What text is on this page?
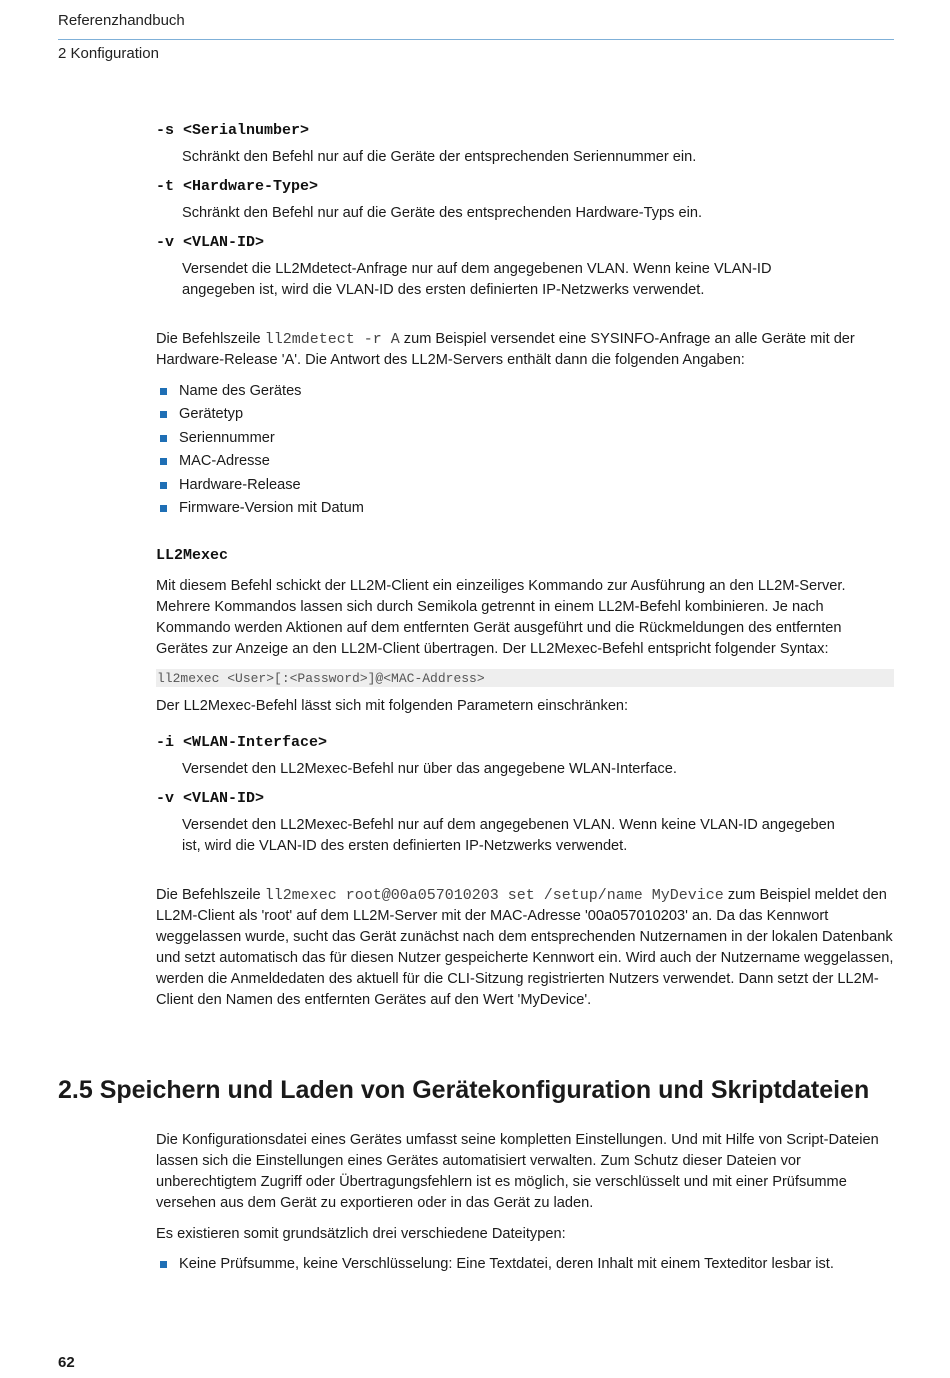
Referenzhandbuch
2 Konfiguration
-s <Serialnumber>
Schränkt den Befehl nur auf die Geräte der entsprechenden Seriennummer ein.
-t <Hardware-Type>
Schränkt den Befehl nur auf die Geräte des entsprechenden Hardware-Typs ein.
-v <VLAN-ID>
Versendet die LL2Mdetect-Anfrage nur auf dem angegebenen VLAN. Wenn keine VLAN-ID angegeben ist, wird die VLAN-ID des ersten definierten IP-Netzwerks verwendet.

Die Befehlszeile ll2mdetect -r A zum Beispiel versendet eine SYSINFO-Anfrage an alle Geräte mit der Hardware-Release 'A'. Die Antwort des LL2M-Servers enthält dann die folgenden Angaben:

Name des Gerätes
Gerätetyp
Seriennummer
MAC-Adresse
Hardware-Release
Firmware-Version mit Datum
LL2Mexec

Mit diesem Befehl schickt der LL2M-Client ein einzeiliges Kommando zur Ausführung an den LL2M-Server. Mehrere Kommandos lassen sich durch Semikola getrennt in einem LL2M-Befehl kombinieren. Je nach Kommando werden Aktionen auf dem entfernten Gerät ausgeführt und die Rückmeldungen des entfernten Gerätes zur Anzeige an den LL2M-Client übertragen. Der LL2Mexec-Befehl entspricht folgender Syntax:

ll2mexec <User>[:<Password>]@<MAC-Address>
Der LL2Mexec-Befehl lässt sich mit folgenden Parametern einschränken:
-i <WLAN-Interface>
Versendet den LL2Mexec-Befehl nur über das angegebene WLAN-Interface.
-v <VLAN-ID>
Versendet den LL2Mexec-Befehl nur auf dem angegebenen VLAN. Wenn keine VLAN-ID angegeben ist, wird die VLAN-ID des ersten definierten IP-Netzwerks verwendet.

Die Befehlszeile ll2mexec root@00a057010203 set /setup/name MyDevice zum Beispiel meldet den LL2M-Client als 'root' auf dem LL2M-Server mit der MAC-Adresse '00a057010203' an. Da das Kennwort weggelassen wurde, sucht das Gerät zunächst nach dem entsprechenden Nutzernamen in der lokalen Datenbank und setzt automatisch das für diesen Nutzer gespeicherte Kennwort ein. Wird auch der Nutzername weggelassen, werden die Anmeldedaten des aktuell für die CLI-Sitzung registrierten Nutzers verwendet. Dann setzt der LL2M-Client den Namen des entfernten Gerätes auf den Wert 'MyDevice'.

2.5 Speichern und Laden von Gerätekonfiguration und Skriptdateien
Die Konfigurationsdatei eines Gerätes umfasst seine kompletten Einstellungen. Und mit Hilfe von Script-Dateien lassen sich die Einstellungen eines Gerätes automatisiert verwalten. Zum Schutz dieser Dateien vor unberechtigtem Zugriff oder Übertragungsfehlern ist es möglich, sie verschlüsselt und mit einer Prüfsumme versehen aus dem Gerät zu exportieren oder in das Gerät zu laden.
Es existieren somit grundsätzlich drei verschiedene Dateitypen:
Keine Prüfsumme, keine Verschlüsselung: Eine Textdatei, deren Inhalt mit einem Texteditor lesbar ist.
62
